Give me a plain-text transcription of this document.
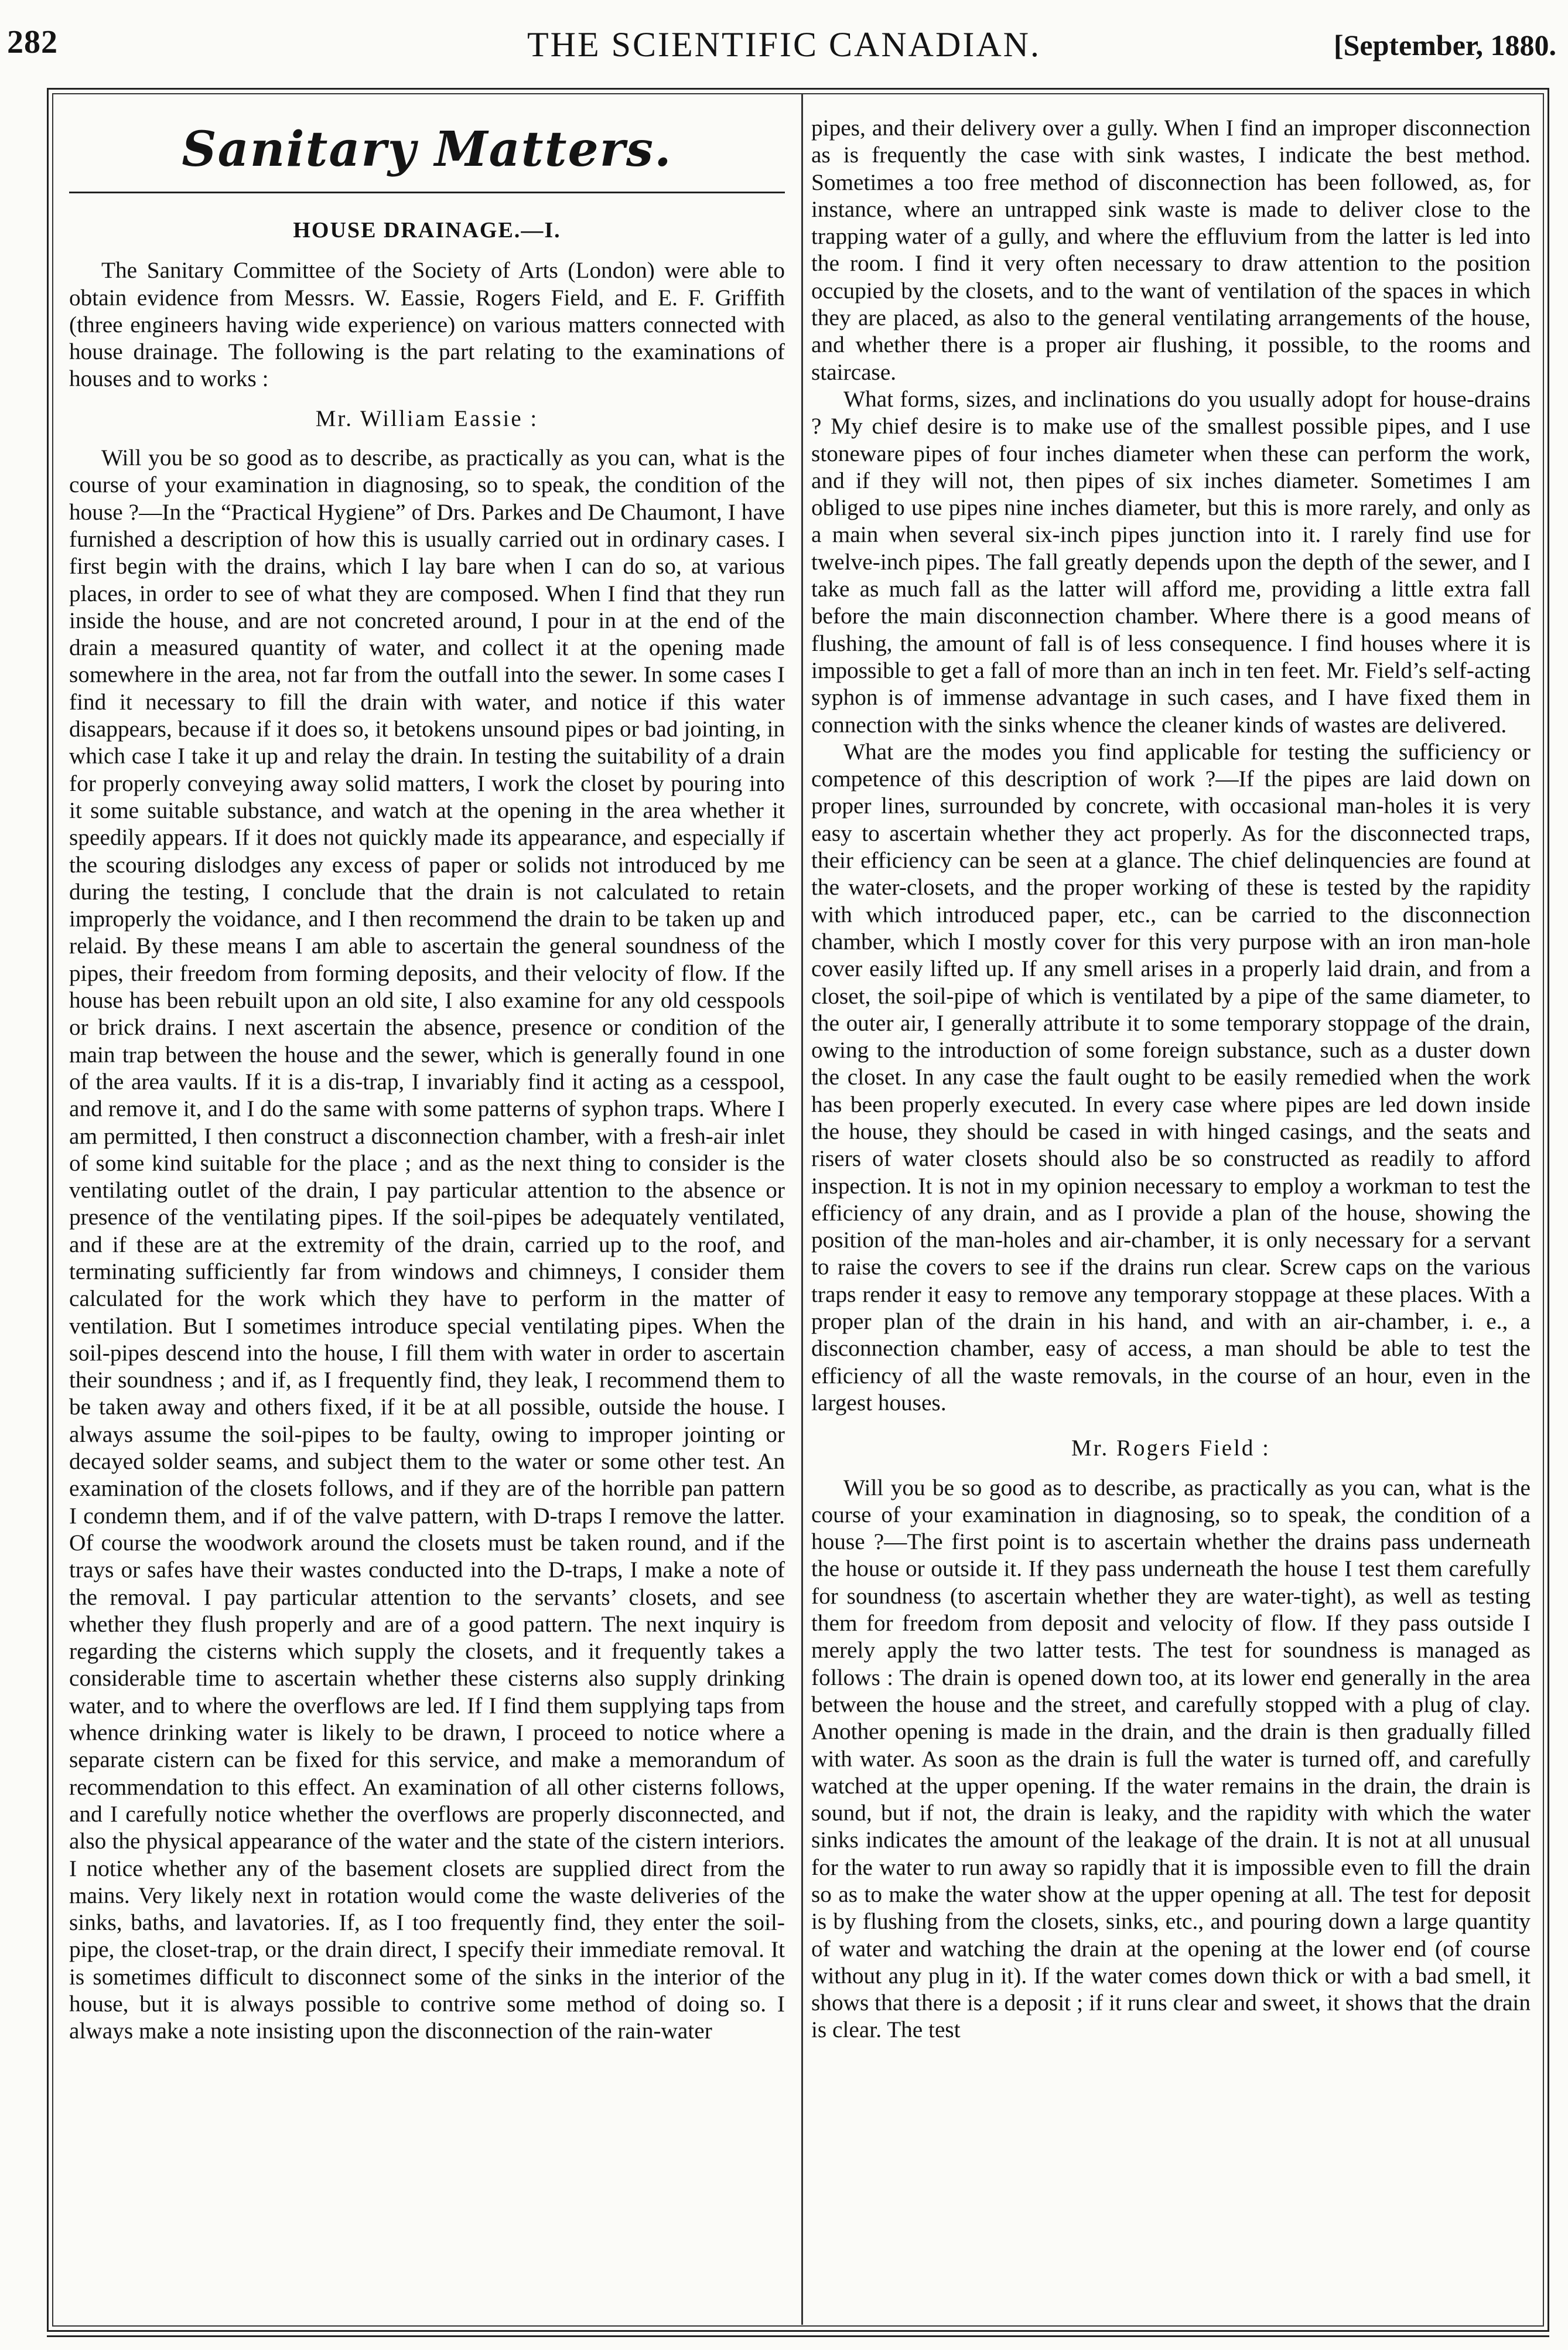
282	THE SCIENTIFIC CANADIAN.	[September, 1880.
Sanitary Matters.
HOUSE DRAINAGE.—I.

The Sanitary Committee of the Society of Arts (London) were able to obtain evidence from Messrs. W. Eassie, Rogers Field, and E. F. Griffith (three engineers having wide experience) on various matters connected with house drainage. The following is the part relating to the examinations of houses and to works :

Mr. William Eassie :

Will you be so good as to describe, as practically as you can, what is the course of your examination in diagnosing, so to speak, the condition of the house ?—In the “Practical Hygiene” of Drs. Parkes and De Chaumont, I have furnished a description of how this is usually carried out in ordinary cases. I first begin with the drains, which I lay bare when I can do so, at various places, in order to see of what they are composed. When I find that they run inside the house, and are not concreted around, I pour in at the end of the drain a measured quantity of water, and collect it at the opening made somewhere in the area, not far from the outfall into the sewer. In some cases I find it necessary to fill the drain with water, and notice if this water disappears, because if it does so, it betokens unsound pipes or bad jointing, in which case I take it up and relay the drain. In testing the suitability of a drain for properly conveying away solid matters, I work the closet by pouring into it some suitable substance, and watch at the opening in the area whether it speedily appears. If it does not quickly made its appearance, and especially if the scouring dislodges any excess of paper or solids not introduced by me during the testing, I conclude that the drain is not calculated to retain improperly the voidance, and I then recommend the drain to be taken up and relaid. By these means I am able to ascertain the general soundness of the pipes, their freedom from forming deposits, and their velocity of flow. If the house has been rebuilt upon an old site, I also examine for any old cesspools or brick drains. I next ascertain the absence, presence or condition of the main trap between the house and the sewer, which is generally found in one of the area vaults. If it is a dis-trap, I invariably find it acting as a cesspool, and remove it, and I do the same with some patterns of syphon traps. Where I am permitted, I then construct a disconnection chamber, with a fresh-air inlet of some kind suitable for the place ; and as the next thing to consider is the ventilating outlet of the drain, I pay particular attention to the absence or presence of the ventilating pipes. If the soil-pipes be adequately ventilated, and if these are at the extremity of the drain, carried up to the roof, and terminating sufficiently far from windows and chimneys, I consider them calculated for the work which they have to perform in the matter of ventilation. But I sometimes introduce special ventilating pipes. When the soil-pipes descend into the house, I fill them with water in order to ascertain their soundness ; and if, as I frequently find, they leak, I recommend them to be taken away and others fixed, if it be at all possible, outside the house. I always assume the soil-pipes to be faulty, owing to improper jointing or decayed solder seams, and subject them to the water or some other test. An examination of the closets follows, and if they are of the horrible pan pattern I condemn them, and if of the valve pattern, with D-traps I remove the latter. Of course the woodwork around the closets must be taken round, and if the trays or safes have their wastes conducted into the D-traps, I make a note of the removal. I pay particular attention to the servants’ closets, and see whether they flush properly and are of a good pattern. The next inquiry is regarding the cisterns which supply the closets, and it frequently takes a considerable time to ascertain whether these cisterns also supply drinking water, and to where the overflows are led. If I find them supplying taps from whence drinking water is likely to be drawn, I proceed to notice where a separate cistern can be fixed for this service, and make a memorandum of recommendation to this effect. An examination of all other cisterns follows, and I carefully notice whether the overflows are properly disconnected, and also the physical appearance of the water and the state of the cistern interiors. I notice whether any of the basement closets are supplied direct from the mains. Very likely next in rotation would come the waste deliveries of the sinks, baths, and lavatories. If, as I too frequently find, they enter the soil-pipe, the closet-trap, or the drain direct, I specify their immediate removal. It is sometimes difficult to disconnect some of the sinks in the interior of the house, but it is always possible to contrive some method of doing so. I always make a note insisting upon the disconnection of the rain-water

pipes, and their delivery over a gully. When I find an improper disconnection as is frequently the case with sink wastes, I indicate the best method. Sometimes a too free method of disconnection has been followed, as, for instance, where an untrapped sink waste is made to deliver close to the trapping water of a gully, and where the effluvium from the latter is led into the room. I find it very often necessary to draw attention to the position occupied by the closets, and to the want of ventilation of the spaces in which they are placed, as also to the general ventilating arrangements of the house, and whether there is a proper air flushing, it possible, to the rooms and staircase.

What forms, sizes, and inclinations do you usually adopt for house-drains ? My chief desire is to make use of the smallest possible pipes, and I use stoneware pipes of four inches diameter when these can perform the work, and if they will not, then pipes of six inches diameter. Sometimes I am obliged to use pipes nine inches diameter, but this is more rarely, and only as a main when several six-inch pipes junction into it. I rarely find use for twelve-inch pipes. The fall greatly depends upon the depth of the sewer, and I take as much fall as the latter will afford me, providing a little extra fall before the main disconnection chamber. Where there is a good means of flushing, the amount of fall is of less consequence. I find houses where it is impossible to get a fall of more than an inch in ten feet. Mr. Field’s self-acting syphon is of immense advantage in such cases, and I have fixed them in connection with the sinks whence the cleaner kinds of wastes are delivered.

What are the modes you find applicable for testing the sufficiency or competence of this description of work ?—If the pipes are laid down on proper lines, surrounded by concrete, with occasional man-holes it is very easy to ascertain whether they act properly. As for the disconnected traps, their efficiency can be seen at a glance. The chief delinquencies are found at the water-closets, and the proper working of these is tested by the rapidity with which introduced paper, etc., can be carried to the disconnection chamber, which I mostly cover for this very purpose with an iron man-hole cover easily lifted up. If any smell arises in a properly laid drain, and from a closet, the soil-pipe of which is ventilated by a pipe of the same diameter, to the outer air, I generally attribute it to some temporary stoppage of the drain, owing to the introduction of some foreign substance, such as a duster down the closet. In any case the fault ought to be easily remedied when the work has been properly executed. In every case where pipes are led down inside the house, they should be cased in with hinged casings, and the seats and risers of water closets should also be so constructed as readily to afford inspection. It is not in my opinion necessary to employ a workman to test the efficiency of any drain, and as I provide a plan of the house, showing the position of the man-holes and air-chamber, it is only necessary for a servant to raise the covers to see if the drains run clear. Screw caps on the various traps render it easy to remove any temporary stoppage at these places. With a proper plan of the drain in his hand, and with an air-chamber, i. e., a disconnection chamber, easy of access, a man should be able to test the efficiency of all the waste removals, in the course of an hour, even in the largest houses.

Mr. Rogers Field :

Will you be so good as to describe, as practically as you can, what is the course of your examination in diagnosing, so to speak, the condition of a house ?—The first point is to ascertain whether the drains pass underneath the house or outside it. If they pass underneath the house I test them carefully for soundness (to ascertain whether they are water-tight), as well as testing them for freedom from deposit and velocity of flow. If they pass outside I merely apply the two latter tests. The test for soundness is managed as follows : The drain is opened down too, at its lower end generally in the area between the house and the street, and carefully stopped with a plug of clay. Another opening is made in the drain, and the drain is then gradually filled with water. As soon as the drain is full the water is turned off, and carefully watched at the upper opening. If the water remains in the drain, the drain is sound, but if not, the drain is leaky, and the rapidity with which the water sinks indicates the amount of the leakage of the drain. It is not at all unusual for the water to run away so rapidly that it is impossible even to fill the drain so as to make the water show at the upper opening at all. The test for deposit is by flushing from the closets, sinks, etc., and pouring down a large quantity of water and watching the drain at the opening at the lower end (of course without any plug in it). If the water comes down thick or with a bad smell, it shows that there is a deposit ; if it runs clear and sweet, it shows that the drain is clear. The test
